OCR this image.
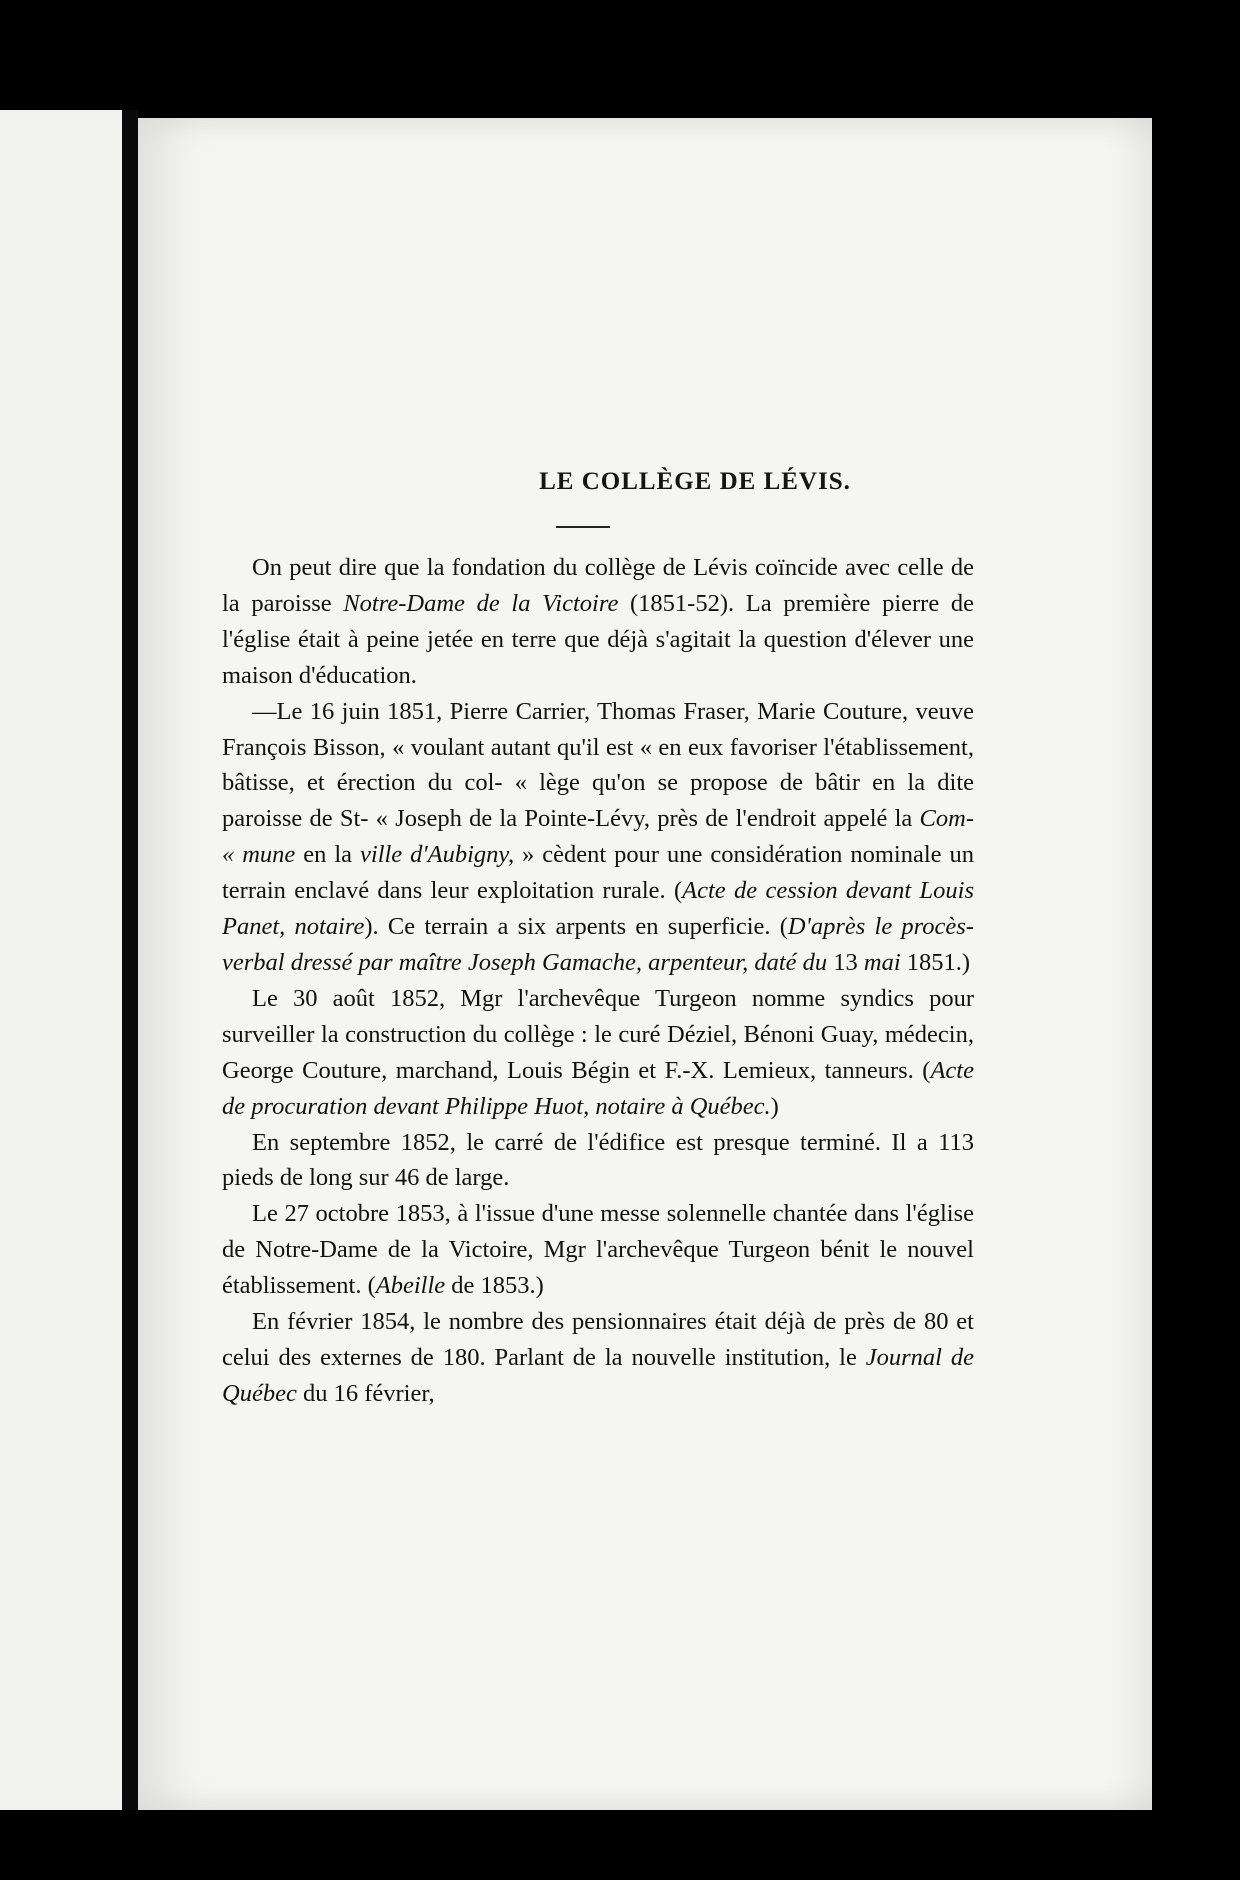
LE COLLÈGE DE LÉVIS.

On peut dire que la fondation du collège de Lévis coïncide avec celle de la paroisse Notre-Dame de la Victoire (1851-52). La première pierre de l'église était à peine jetée en terre que déjà s'agitait la question d'élever une maison d'éducation.

—Le 16 juin 1851, Pierre Carrier, Thomas Fraser, Marie Couture, veuve François Bisson, « voulant autant qu'il est « en eux favoriser l'établissement, bâtisse, et érection du col- « lège qu'on se propose de bâtir en la dite paroisse de St- « Joseph de la Pointe-Lévy, près de l'endroit appelé la Com- « mune en la ville d'Aubigny, » cèdent pour une considération nominale un terrain enclavé dans leur exploitation rurale. (Acte de cession devant Louis Panet, notaire). Ce terrain a six arpents en superficie. (D'après le procès-verbal dressé par maître Joseph Gamache, arpenteur, daté du 13 mai 1851.)

Le 30 août 1852, Mgr l'archevêque Turgeon nomme syndics pour surveiller la construction du collège : le curé Déziel, Bénoni Guay, médecin, George Couture, marchand, Louis Bégin et F.-X. Lemieux, tanneurs. (Acte de procuration devant Philippe Huot, notaire à Québec.)

En septembre 1852, le carré de l'édifice est presque terminé. Il a 113 pieds de long sur 46 de large.

Le 27 octobre 1853, à l'issue d'une messe solennelle chantée dans l'église de Notre-Dame de la Victoire, Mgr l'archevêque Turgeon bénit le nouvel établissement. (Abeille de 1853.)

En février 1854, le nombre des pensionnaires était déjà de près de 80 et celui des externes de 180. Parlant de la nouvelle institution, le Journal de Québec du 16 février,
